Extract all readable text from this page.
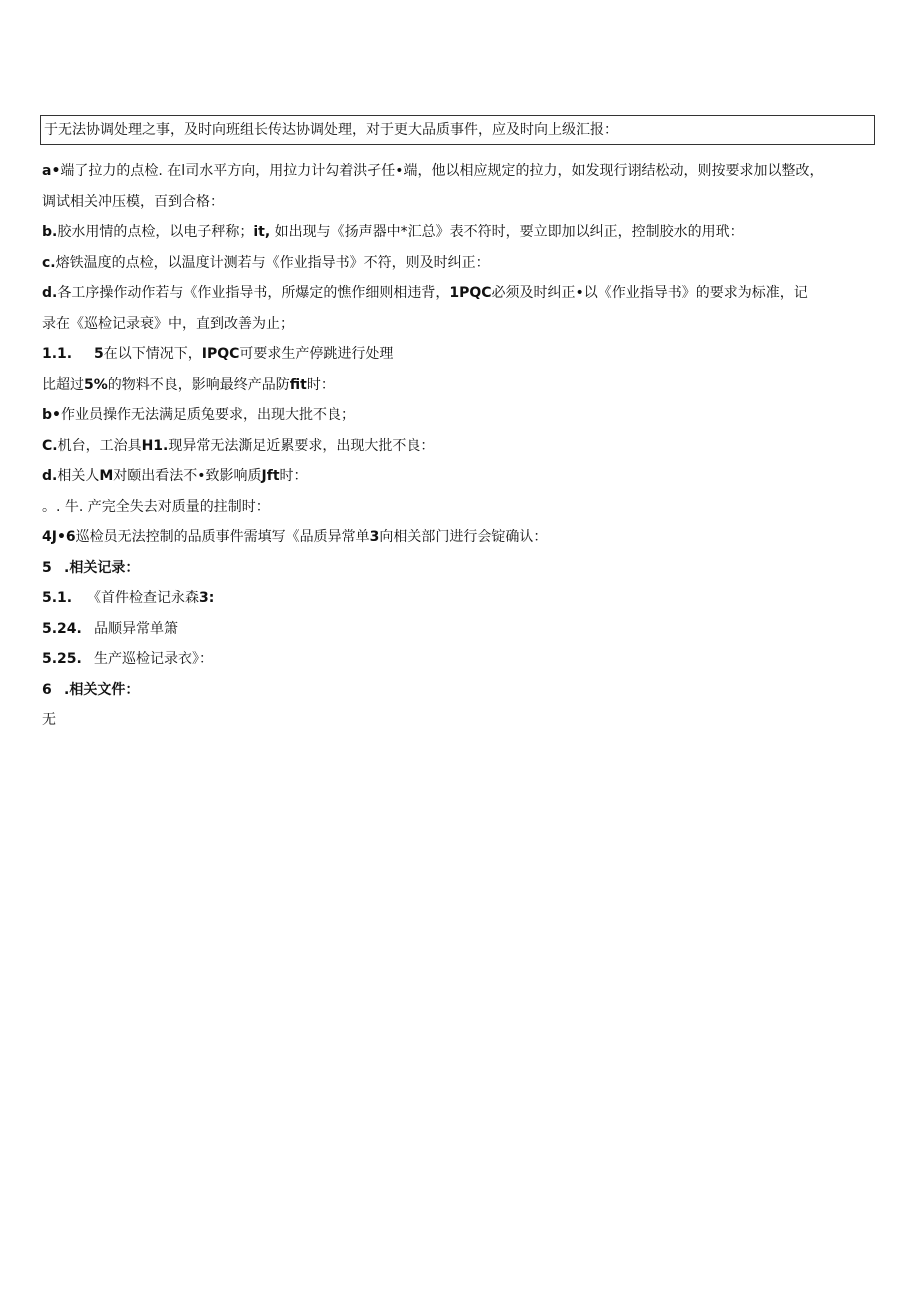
于无法协调处理之事，及时向班组长传达协调处理，对于更大品质事件，应及时向上级汇报：
a•端了拉力的点检. 在l司水平方向，用拉力计勾着洪孑任•端，他以相应规定的拉力，如发现行诩结松动，则按要求加以整改，
调试相关冲压模，百到合格：
b.胶水用情的点检，以电子秤称；it, 如出现与《扬声器中*汇总》表不符时，要立即加以纠正，控制胶水的用玳：
c.熔铁温度的点检，以温度计测若与《作业指导书》不符，则及时纠正：
d.各工序操作动作若与《作业指导书，所爆定的憔作细则相违背，1PQC必须及时纠正•以《作业指导书》的要求为标准，记
录在《巡检记录衰》中，直到改善为止；
1.1. 5在以下情况下，IPQC可要求生产停跳进行处理
比超过5%的物料不良，影响最终产品防fit时：
b•作业员操作无法满足质兔要求，出现大批不良；
C.机台，工治具H1.现异常无法澌足近累要求，出现大批不良：
d.相关人M对颐出看法不•致影响质Jft时：
。. 牛. 产完全失去对质量的拄制时：
4J•6巡检员无法控制的品质事件需填写《品质异常单3向相关部门进行会锭确认：
5 .相关记录：
5.1. 《首件检查记永森3:
5.24. 品顺异常单箫
5.25. 生产巡检记录衣》：
6 .相关文件：
无
